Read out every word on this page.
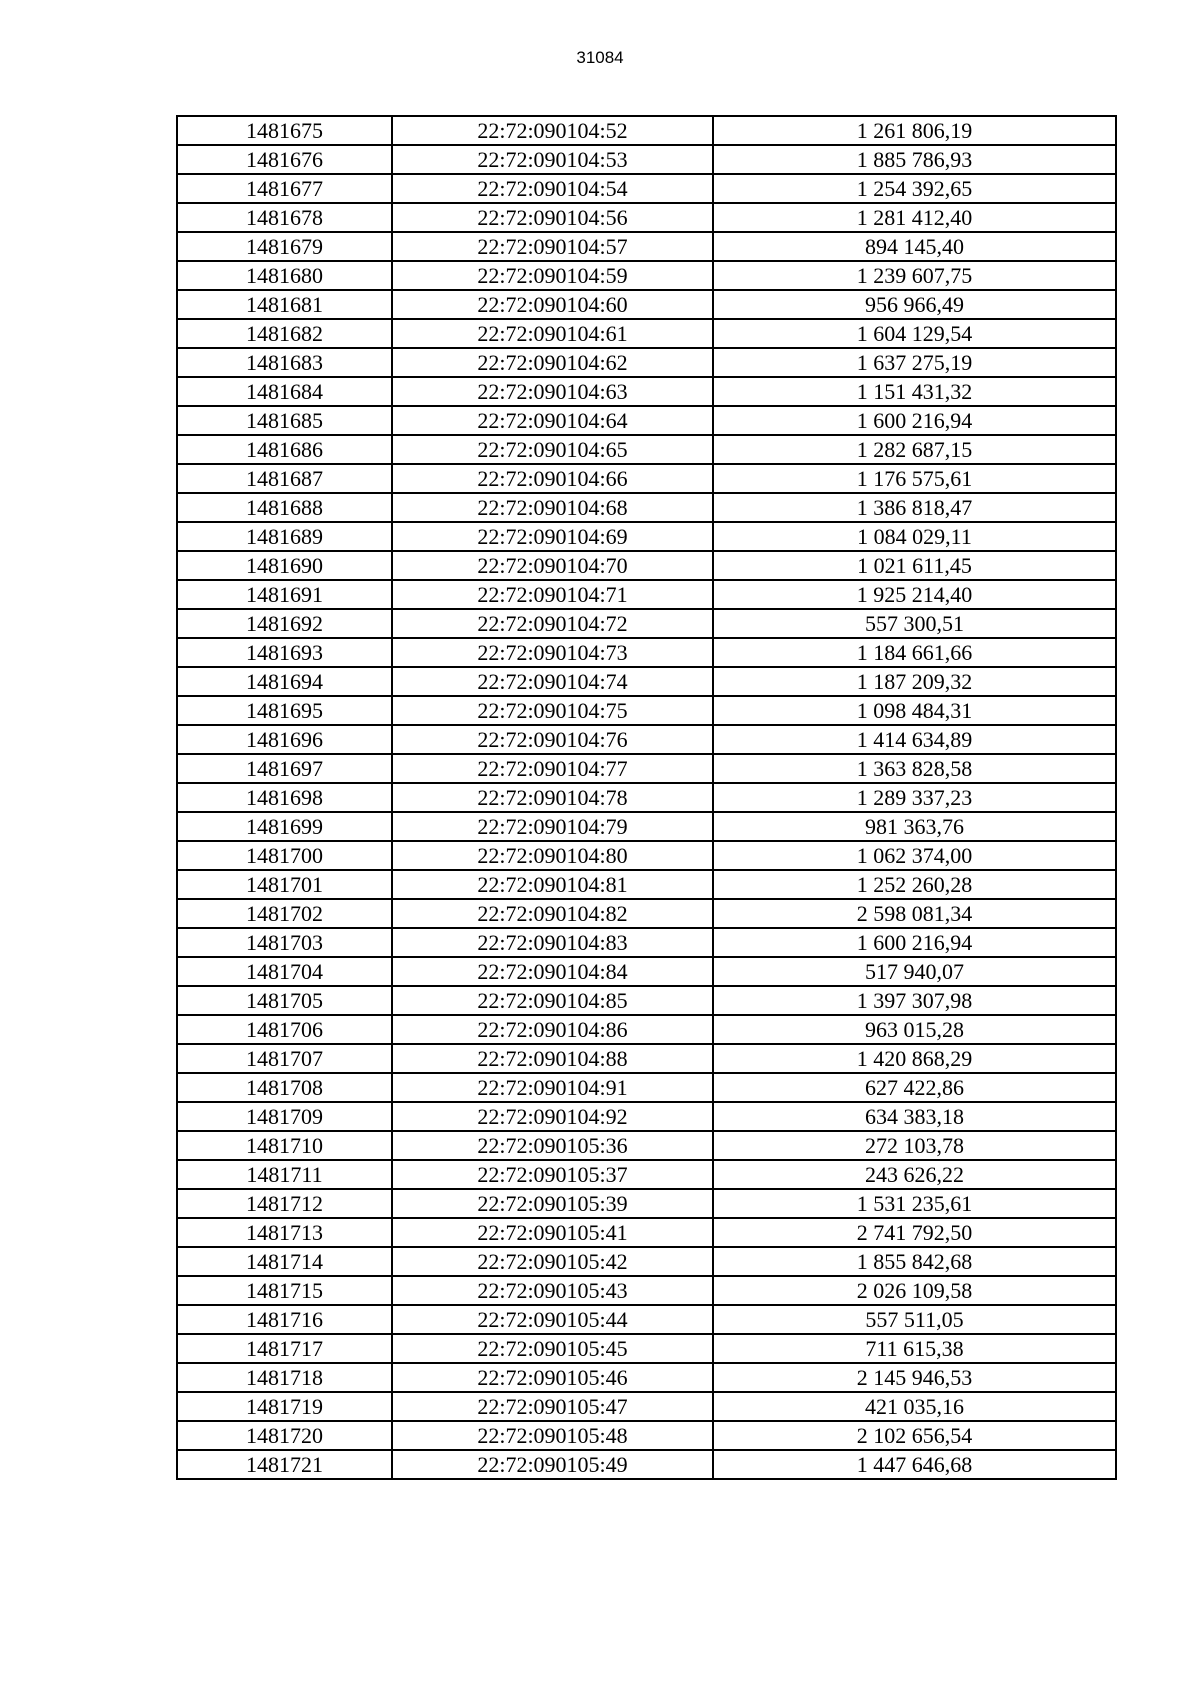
31084
1481675	22:72:090104:52	1 261 806,19
1481676	22:72:090104:53	1 885 786,93
1481677	22:72:090104:54	1 254 392,65
1481678	22:72:090104:56	1 281 412,40
1481679	22:72:090104:57	894 145,40
1481680	22:72:090104:59	1 239 607,75
1481681	22:72:090104:60	956 966,49
1481682	22:72:090104:61	1 604 129,54
1481683	22:72:090104:62	1 637 275,19
1481684	22:72:090104:63	1 151 431,32
1481685	22:72:090104:64	1 600 216,94
1481686	22:72:090104:65	1 282 687,15
1481687	22:72:090104:66	1 176 575,61
1481688	22:72:090104:68	1 386 818,47
1481689	22:72:090104:69	1 084 029,11
1481690	22:72:090104:70	1 021 611,45
1481691	22:72:090104:71	1 925 214,40
1481692	22:72:090104:72	557 300,51
1481693	22:72:090104:73	1 184 661,66
1481694	22:72:090104:74	1 187 209,32
1481695	22:72:090104:75	1 098 484,31
1481696	22:72:090104:76	1 414 634,89
1481697	22:72:090104:77	1 363 828,58
1481698	22:72:090104:78	1 289 337,23
1481699	22:72:090104:79	981 363,76
1481700	22:72:090104:80	1 062 374,00
1481701	22:72:090104:81	1 252 260,28
1481702	22:72:090104:82	2 598 081,34
1481703	22:72:090104:83	1 600 216,94
1481704	22:72:090104:84	517 940,07
1481705	22:72:090104:85	1 397 307,98
1481706	22:72:090104:86	963 015,28
1481707	22:72:090104:88	1 420 868,29
1481708	22:72:090104:91	627 422,86
1481709	22:72:090104:92	634 383,18
1481710	22:72:090105:36	272 103,78
1481711	22:72:090105:37	243 626,22
1481712	22:72:090105:39	1 531 235,61
1481713	22:72:090105:41	2 741 792,50
1481714	22:72:090105:42	1 855 842,68
1481715	22:72:090105:43	2 026 109,58
1481716	22:72:090105:44	557 511,05
1481717	22:72:090105:45	711 615,38
1481718	22:72:090105:46	2 145 946,53
1481719	22:72:090105:47	421 035,16
1481720	22:72:090105:48	2 102 656,54
1481721	22:72:090105:49	1 447 646,68
